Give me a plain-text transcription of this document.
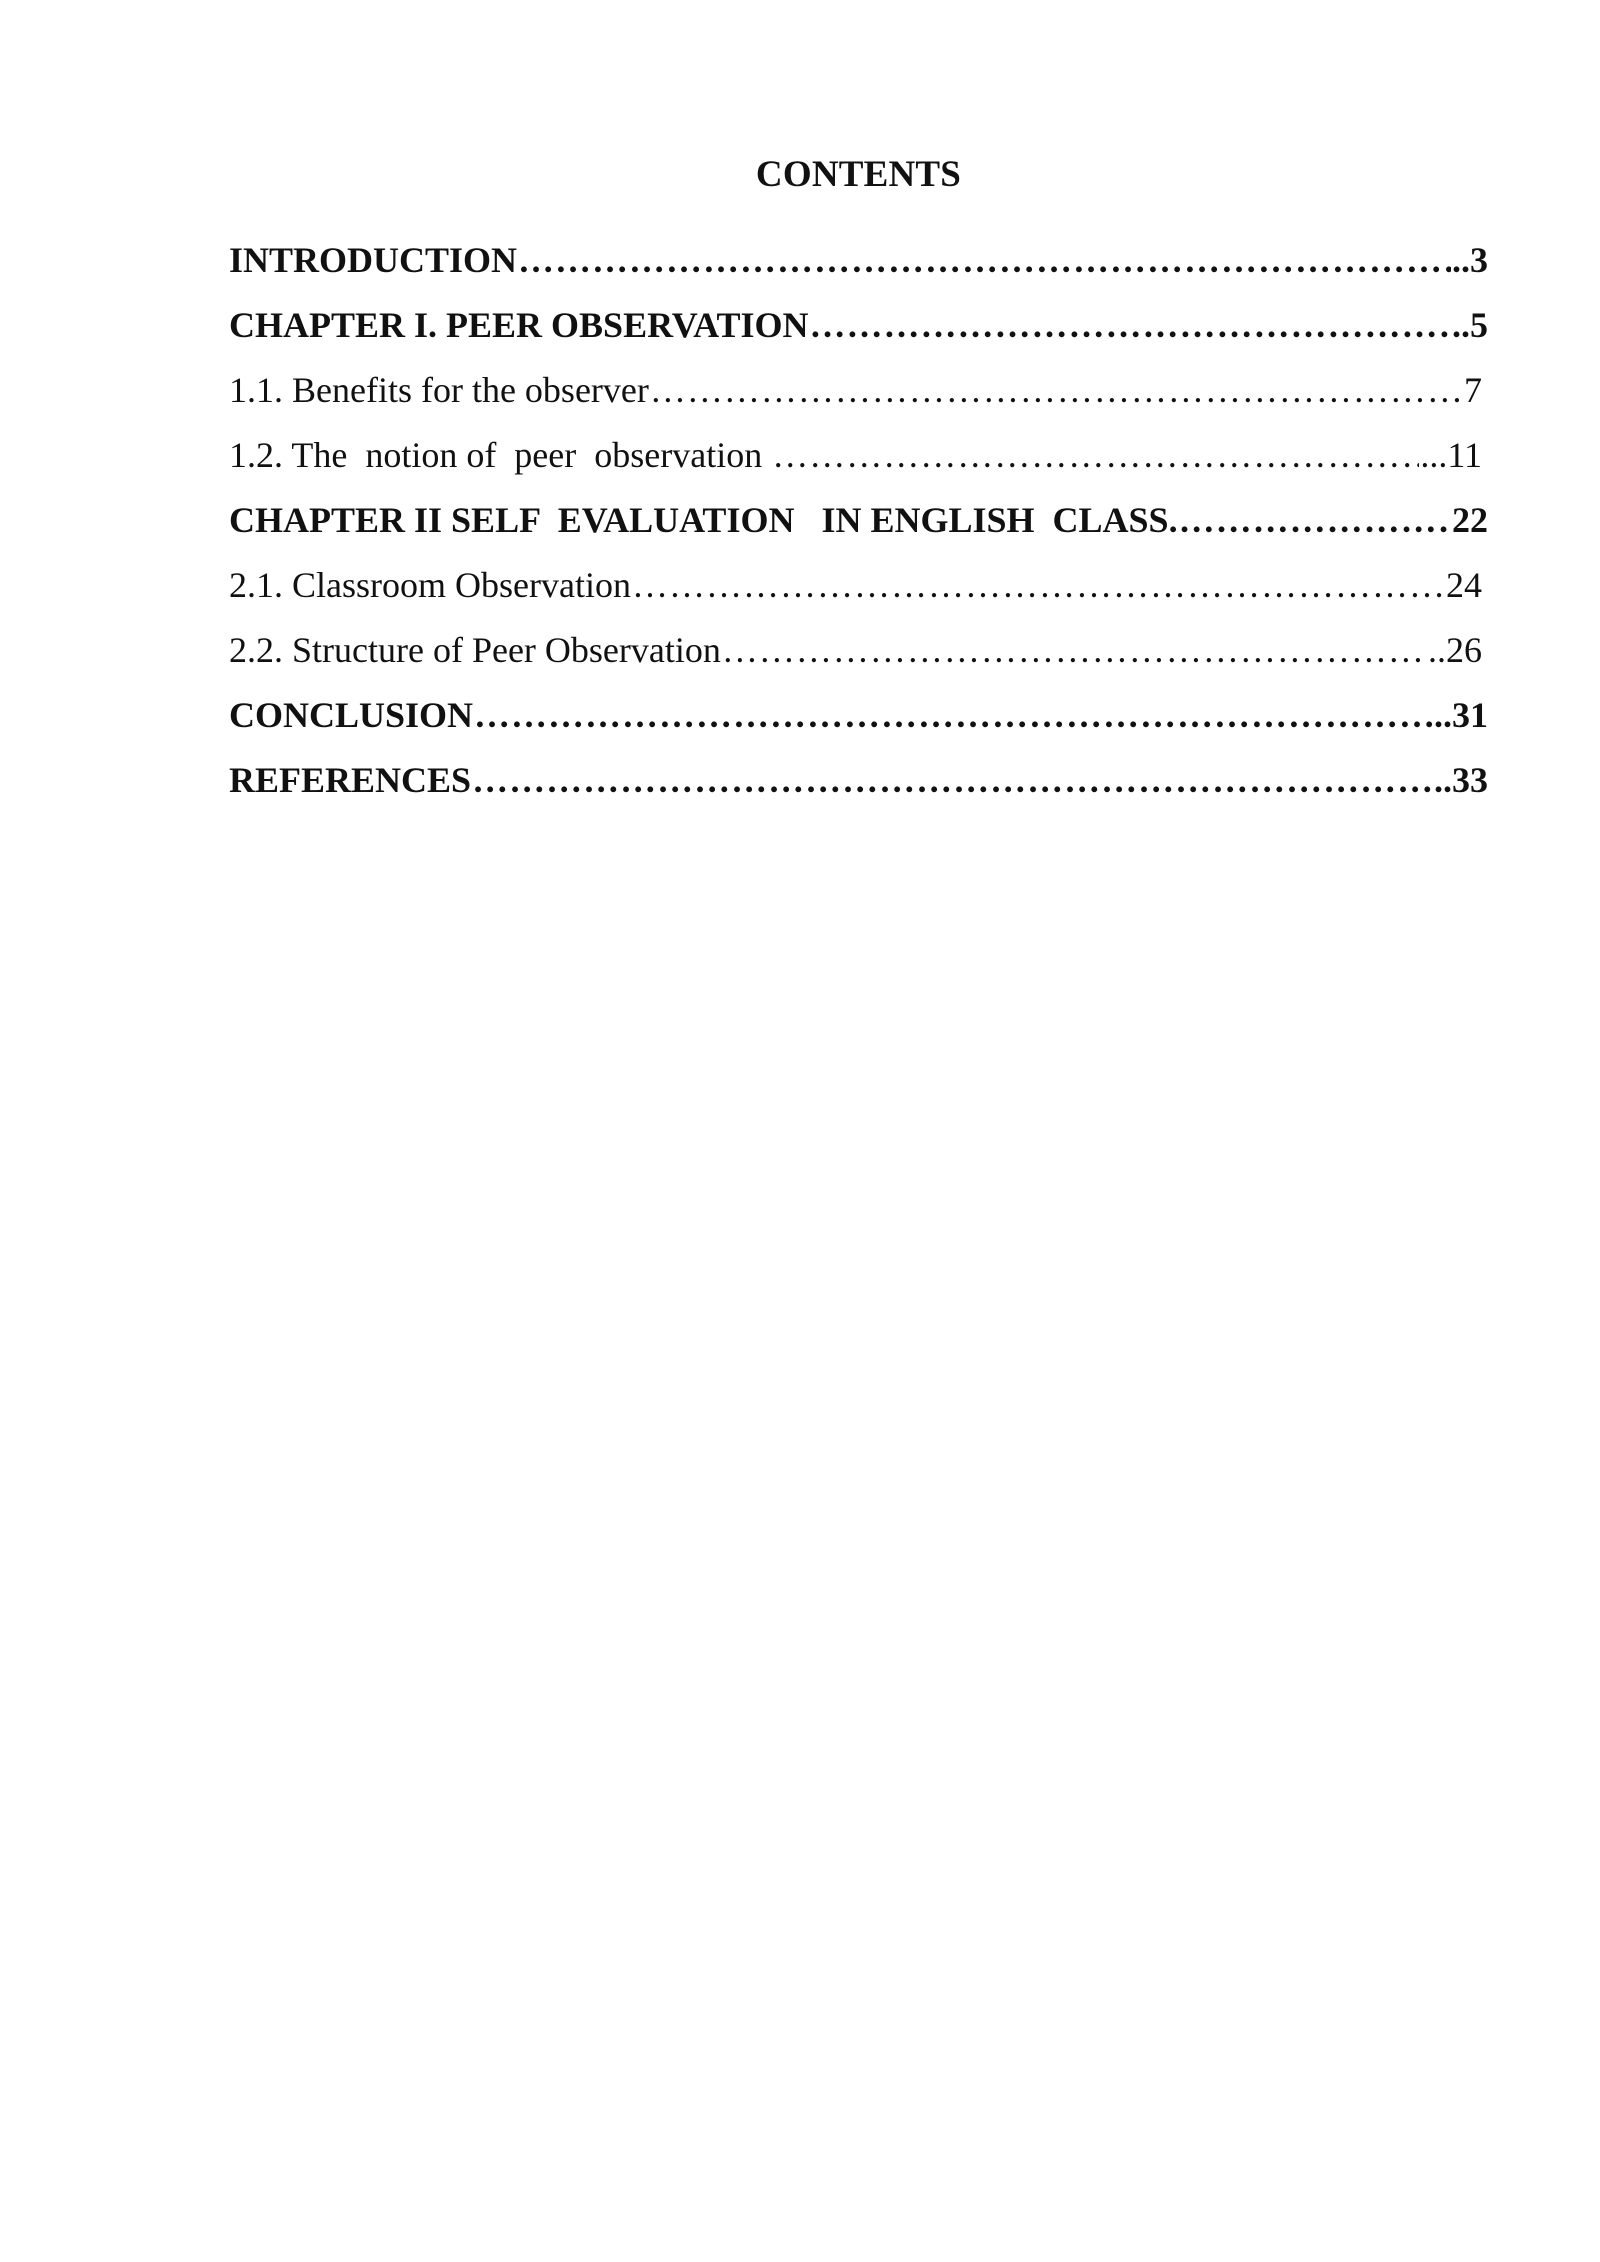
CONTENTS
INTRODUCTION …………………………………………………………………………………………………………………………………………	..3
CHAPTER I. PEER OBSERVATION …………………………………………………………………………………………………………………………………………	..5
1.1. Benefits for the observer …………………………………………………………………………………………………………………………………………	7
1.2. The  notion of  peer  observation …………………………………………………………………………………………………………………………………………	...11
CHAPTER II SELF  EVALUATION   IN ENGLISH  CLASS. …………………………………………………………………………………………………………………………………………	22
2.1. Classroom Observation …………………………………………………………………………………………………………………………………………	24
2.2. Structure of Peer Observation …………………………………………………………………………………………………………………………………………	..26
CONCLUSION …………………………………………………………………………………………………………………………………………	..31
REFERENCES …………………………………………………………………………………………………………………………………………	..33
